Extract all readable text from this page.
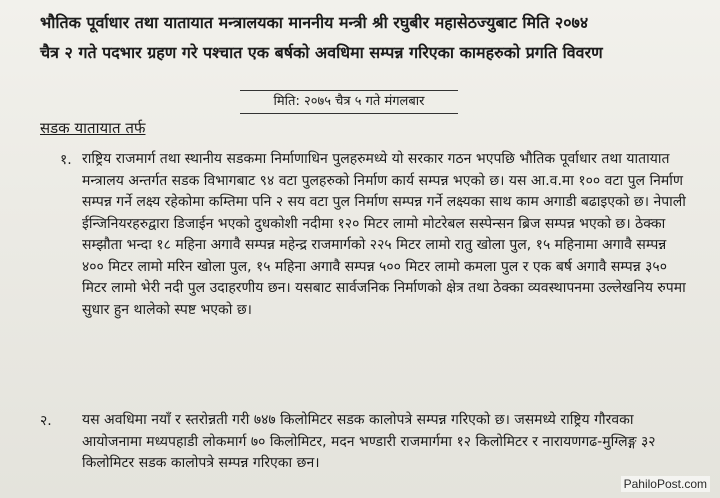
भौतिक पूर्वाधार तथा यातायात मन्त्रालयका माननीय मन्त्री श्री रघुबीर महासेठज्युबाट मिति २०७४
चैत्र २ गते पदभार ग्रहण गरे पश्चात एक बर्षको अवधिमा सम्पन्न गरिएका कामहरुको प्रगति विवरण
मिति: २०७५ चैत्र ५ गते मंगलबार
सडक यातायात तर्फ
१. राष्ट्रिय राजमार्ग तथा स्थानीय सडकमा निर्माणाधिन पुलहरुमध्ये यो सरकार गठन भएपछि भौतिक पूर्वाधार तथा यातायात मन्त्रालय अन्तर्गत सडक विभागबाट ९४ वटा पुलहरुको निर्माण कार्य सम्पन्न भएको छ। यस आ.व.मा १०० वटा पुल निर्माण सम्पन्न गर्ने लक्ष्य रहेकोमा कम्तिमा पनि २ सय वटा पुल निर्माण सम्पन्न गर्ने लक्ष्यका साथ काम अगाडी बढाइएको छ। नेपाली ईन्जिनियरहरुद्वारा डिजाईन भएको दुधकोशी नदीमा १२० मिटर लामो मोटरेबल सस्पेन्सन ब्रिज सम्पन्न भएको छ। ठेक्का सम्झौता भन्दा १८ महिना अगावै सम्पन्न महेन्द्र राजमार्गको २२५ मिटर लामो रातु खोला पुल, १५ महिनामा अगावै सम्पन्न ४०० मिटर लामो मरिन खोला पुल, १५ महिना अगावै सम्पन्न ५०० मिटर लामो कमला पुल र एक बर्ष अगावै सम्पन्न ३५० मिटर लामो भेरी नदी पुल उदाहरणीय छन। यसबाट सार्वजनिक निर्माणको क्षेत्र तथा ठेक्का व्यवस्थापनमा उल्लेखनिय रुपमा सुधार हुन थालेको स्पष्ट भएको छ।
२. यस अवधिमा नयाँ र स्तरोन्नती गरी ७४७ किलोमिटर सडक कालोपत्रे सम्पन्न गरिएको छ। जसमध्ये राष्ट्रिय गौरवका आयोजनामा मध्यपहाडी लोकमार्ग ७० किलोमिटर, मदन भण्डारी राजमार्गमा १२ किलोमिटर र नारायणगढ-मुग्लिङ्ग ३२ किलोमिटर सडक कालोपत्रे सम्पन्न गरिएका छन।
PahiloPost.com
